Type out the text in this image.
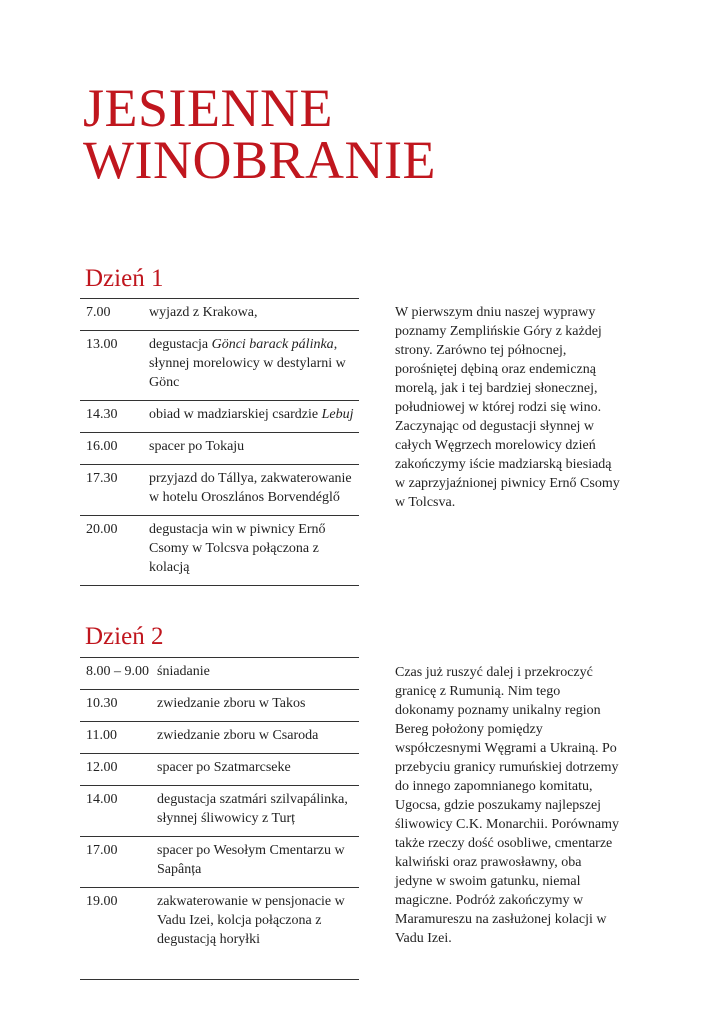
JESIENNE
WINOBRANIE
Dzień 1
7.00	wyjazd z Krakowa,
13.00	degustacja Gönci barack pálinka, słynnej morelowicy w destylarni w Gönc
14.30	obiad w madziarskiej csardzie Lebuj
16.00	spacer po Tokaju
17.30	przyjazd do Tállya, zakwaterowanie w hotelu Oroszlános Borvendéglő
20.00	degustacja win w piwnicy Ernő Csomy w Tolcsva połączona z kolacją

W pierwszym dniu naszej wyprawy
poznamy Zemplińskie Góry z każdej
strony. Zarówno tej północnej,
porośniętej dębiną oraz endemiczną
morelą, jak i tej bardziej słonecznej,
południowej w której rodzi się wino.
Zaczynając od degustacji słynnej w
całych Węgrzech morelowicy dzień
zakończymy iście madziarską biesiadą
w zaprzyjaźnionej piwnicy Ernő Csomy
w Tolcsva.

Dzień 2
8.00 – 9.00	śniadanie
10.30	zwiedzanie zboru w Takos
11.00	zwiedzanie zboru w Csaroda
12.00	spacer po Szatmarcseke
14.00	degustacja szatmári szilvapálinka, słynnej śliwowicy z Turț
17.00	spacer po Wesołym Cmentarzu w Sapânța
19.00	zakwaterowanie w pensjonacie w Vadu Izei, kolcja połączona z degustacją horyłki

Czas już ruszyć dalej i przekroczyć
granicę z Rumunią. Nim tego
dokonamy poznamy unikalny region
Bereg położony pomiędzy
współczesnymi Węgrami a Ukrainą. Po
przebyciu granicy rumuńskiej dotrzemy
do innego zapomnianego komitatu,
Ugocsa, gdzie poszukamy najlepszej
śliwowicy C.K. Monarchii. Porównamy
także rzeczy dość osobliwe, cmentarze
kalwiński oraz prawosławny, oba
jedyne w swoim gatunku, niemal
magiczne. Podróż zakończymy w
Maramureszu na zasłużonej kolacji w
Vadu Izei.
